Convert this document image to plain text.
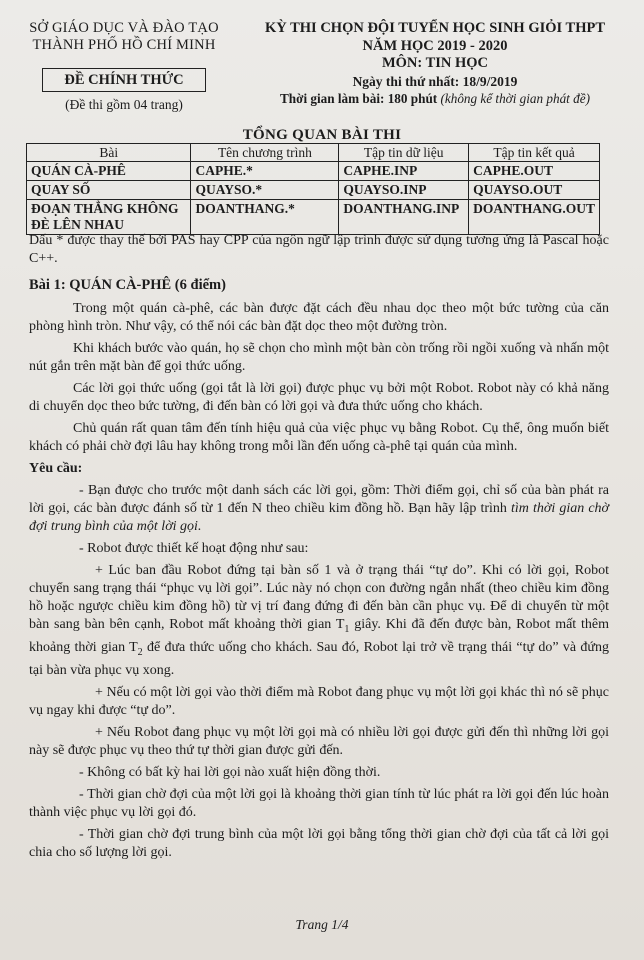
SỞ GIÁO DỤC VÀ ĐÀO TẠO
THÀNH PHỐ HỒ CHÍ MINH
ĐỀ CHÍNH THỨC
(Đề thi gồm 04 trang)
KỲ THI CHỌN ĐỘI TUYỂN HỌC SINH GIỎI THPT
NĂM HỌC 2019 - 2020
MÔN: TIN HỌC
Ngày thi thứ nhất: 18/9/2019
Thời gian làm bài: 180 phút (không kể thời gian phát đề)
TỔNG QUAN BÀI THI
Bài	Tên chương trình	Tập tin dữ liệu	Tập tin kết quả
QUÁN CÀ-PHÊ	CAPHE.*	CAPHE.INP	CAPHE.OUT
QUAY SỐ	QUAYSO.*	QUAYSO.INP	QUAYSO.OUT
ĐOẠN THẲNG KHÔNG ĐÈ LÊN NHAU	DOANTHANG.*	DOANTHANG.INP	DOANTHANG.OUT

Dấu * được thay thế bởi PAS hay CPP của ngôn ngữ lập trình được sử dụng tương ứng là Pascal hoặc C++.

Bài 1: QUÁN CÀ-PHÊ (6 điểm)

Trong một quán cà-phê, các bàn được đặt cách đều nhau dọc theo một bức tường của căn phòng hình tròn. Như vậy, có thể nói các bàn đặt dọc theo một đường tròn.

Khi khách bước vào quán, họ sẽ chọn cho mình một bàn còn trống rồi ngồi xuống và nhấn một nút gắn trên mặt bàn để gọi thức uống.

Các lời gọi thức uống (gọi tắt là lời gọi) được phục vụ bởi một Robot. Robot này có khả năng di chuyển dọc theo bức tường, đi đến bàn có lời gọi và đưa thức uống cho khách.

Chủ quán rất quan tâm đến tính hiệu quả của việc phục vụ bằng Robot. Cụ thể, ông muốn biết khách có phải chờ đợi lâu hay không trong mỗi lần đến uống cà-phê tại quán của mình.

Yêu cầu:

- Bạn được cho trước một danh sách các lời gọi, gồm: Thời điểm gọi, chỉ số của bàn phát ra lời gọi, các bàn được đánh số từ 1 đến N theo chiều kim đồng hồ. Bạn hãy lập trình tìm thời gian chờ đợi trung bình của một lời gọi.

- Robot được thiết kế hoạt động như sau:

+ Lúc ban đầu Robot đứng tại bàn số 1 và ở trạng thái “tự do”. Khi có lời gọi, Robot chuyển sang trạng thái “phục vụ lời gọi”. Lúc này nó chọn con đường ngắn nhất (theo chiều kim đồng hồ hoặc ngược chiều kim đồng hồ) từ vị trí đang đứng đi đến bàn cần phục vụ. Để di chuyển từ một bàn sang bàn bên cạnh, Robot mất khoảng thời gian $T_1$ giây. Khi đã đến được bàn, Robot mất thêm khoảng thời gian $T_2$ để đưa thức uống cho khách. Sau đó, Robot lại trở về trạng thái “tự do” và đứng tại bàn vừa phục vụ xong.

+ Nếu có một lời gọi vào thời điểm mà Robot đang phục vụ một lời gọi khác thì nó sẽ phục vụ ngay khi được “tự do”.

+ Nếu Robot đang phục vụ một lời gọi mà có nhiều lời gọi được gửi đến thì những lời gọi này sẽ được phục vụ theo thứ tự thời gian được gửi đến.

- Không có bất kỳ hai lời gọi nào xuất hiện đồng thời.

- Thời gian chờ đợi của một lời gọi là khoảng thời gian tính từ lúc phát ra lời gọi đến lúc hoàn thành việc phục vụ lời gọi đó.

- Thời gian chờ đợi trung bình của một lời gọi bằng tổng thời gian chờ đợi của tất cả lời gọi chia cho số lượng lời gọi.

Trang 1/4
